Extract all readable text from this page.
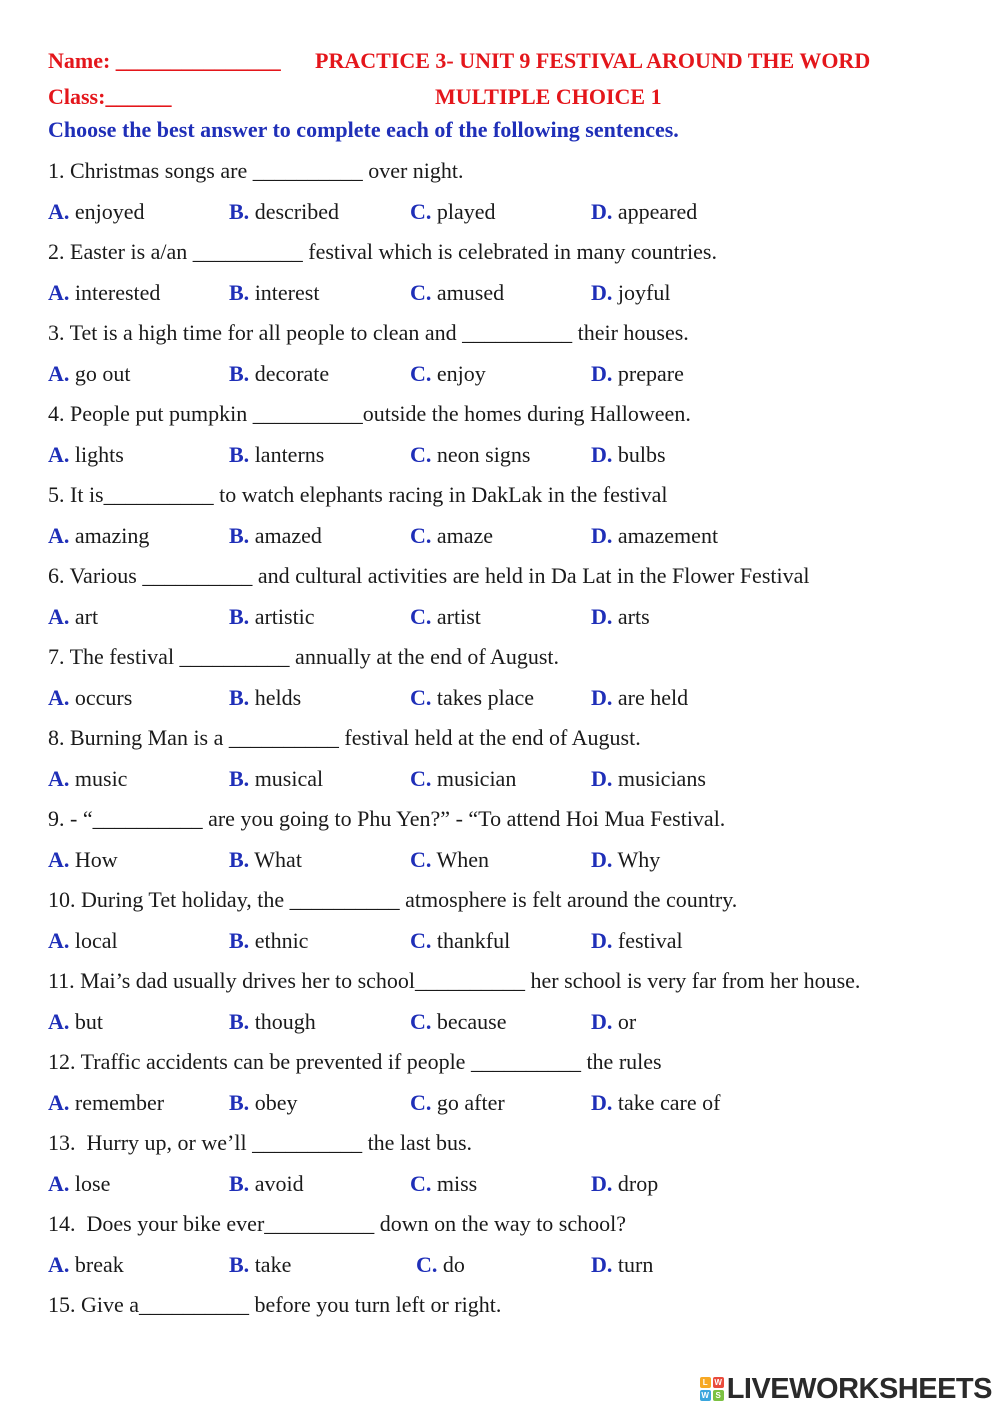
Name: _______________ PRACTICE 3- UNIT 9 FESTIVAL AROUND THE WORD
Class:______	MULTIPLE CHOICE 1
Choose the best answer to complete each of the following sentences.
1. Christmas songs are __________ over night.
A. enjoyed	B. described	C. played	D. appeared
2. Easter is a/an __________ festival which is celebrated in many countries.
A. interested	B. interest	C. amused	D. joyful
3. Tet is a high time for all people to clean and __________ their houses.
A. go out	B. decorate	C. enjoy	D. prepare
4. People put pumpkin __________outside the homes during Halloween.
A. lights	B. lanterns	C. neon signs	D. bulbs
5. It is__________ to watch elephants racing in DakLak in the festival
A. amazing	B. amazed	C. amaze	D. amazement
6. Various __________ and cultural activities are held in Da Lat in the Flower Festival
A. art	B. artistic	C. artist	D. arts
7. The festival __________ annually at the end of August.
A. occurs	B. helds	C. takes place	D. are held
8. Burning Man is a __________ festival held at the end of August.
A. music	B. musical	C. musician	D. musicians
9. - “__________ are you going to Phu Yen?” - “To attend Hoi Mua Festival.
A. How	B. What	C. When	D. Why
10. During Tet holiday, the __________ atmosphere is felt around the country.
A. local	B. ethnic	C. thankful	D. festival
11. Mai’s dad usually drives her to school__________ her school is very far from her house.
A. but	B. though	C. because	D. or
12. Traffic accidents can be prevented if people __________ the rules
A. remember	B. obey	C. go after	D. take care of
13.  Hurry up, or we’ll __________ the last bus.
A. lose	B. avoid	C. miss	D. drop
14.  Does your bike ever__________ down on the way to school?
A. break	B. take	C. do	D. turn
15. Give a__________ before you turn left or right.
L W
W S LIVEWORKSHEETS
